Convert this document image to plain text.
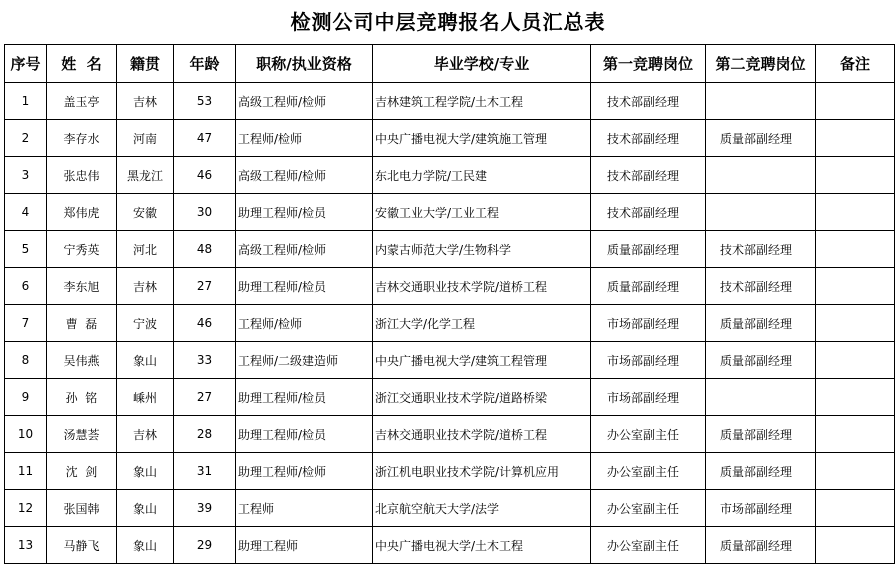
检测公司中层竞聘报名人员汇总表
序号	姓  名	籍贯	年龄	职称/执业资格	毕业学校/专业	第一竞聘岗位	第二竞聘岗位	备注
1	盖玉亭	吉林	53	高级工程师/检师	吉林建筑工程学院/土木工程	技术部副经理		
2	李存水	河南	47	工程师/检师	中央广播电视大学/建筑施工管理	技术部副经理	质量部副经理	
3	张忠伟	黑龙江	46	高级工程师/检师	东北电力学院/工民建	技术部副经理		
4	郑伟虎	安徽	30	助理工程师/检员	安徽工业大学/工业工程	技术部副经理		
5	宁秀英	河北	48	高级工程师/检师	内蒙古师范大学/生物科学	质量部副经理	技术部副经理	
6	李东旭	吉林	27	助理工程师/检员	吉林交通职业技术学院/道桥工程	质量部副经理	技术部副经理	
7	曹  磊	宁波	46	工程师/检师	浙江大学/化学工程	市场部副经理	质量部副经理	
8	吴伟燕	象山	33	工程师/二级建造师	中央广播电视大学/建筑工程管理	市场部副经理	质量部副经理	
9	孙  铭	嵊州	27	助理工程师/检员	浙江交通职业技术学院/道路桥梁	市场部副经理		
10	汤慧荟	吉林	28	助理工程师/检员	吉林交通职业技术学院/道桥工程	办公室副主任	质量部副经理	
11	沈  剑	象山	31	助理工程师/检师	浙江机电职业技术学院/计算机应用	办公室副主任	质量部副经理	
12	张国韩	象山	39	工程师	北京航空航天大学/法学	办公室副主任	市场部副经理	
13	马静飞	象山	29	助理工程师	中央广播电视大学/土木工程	办公室副主任	质量部副经理	
